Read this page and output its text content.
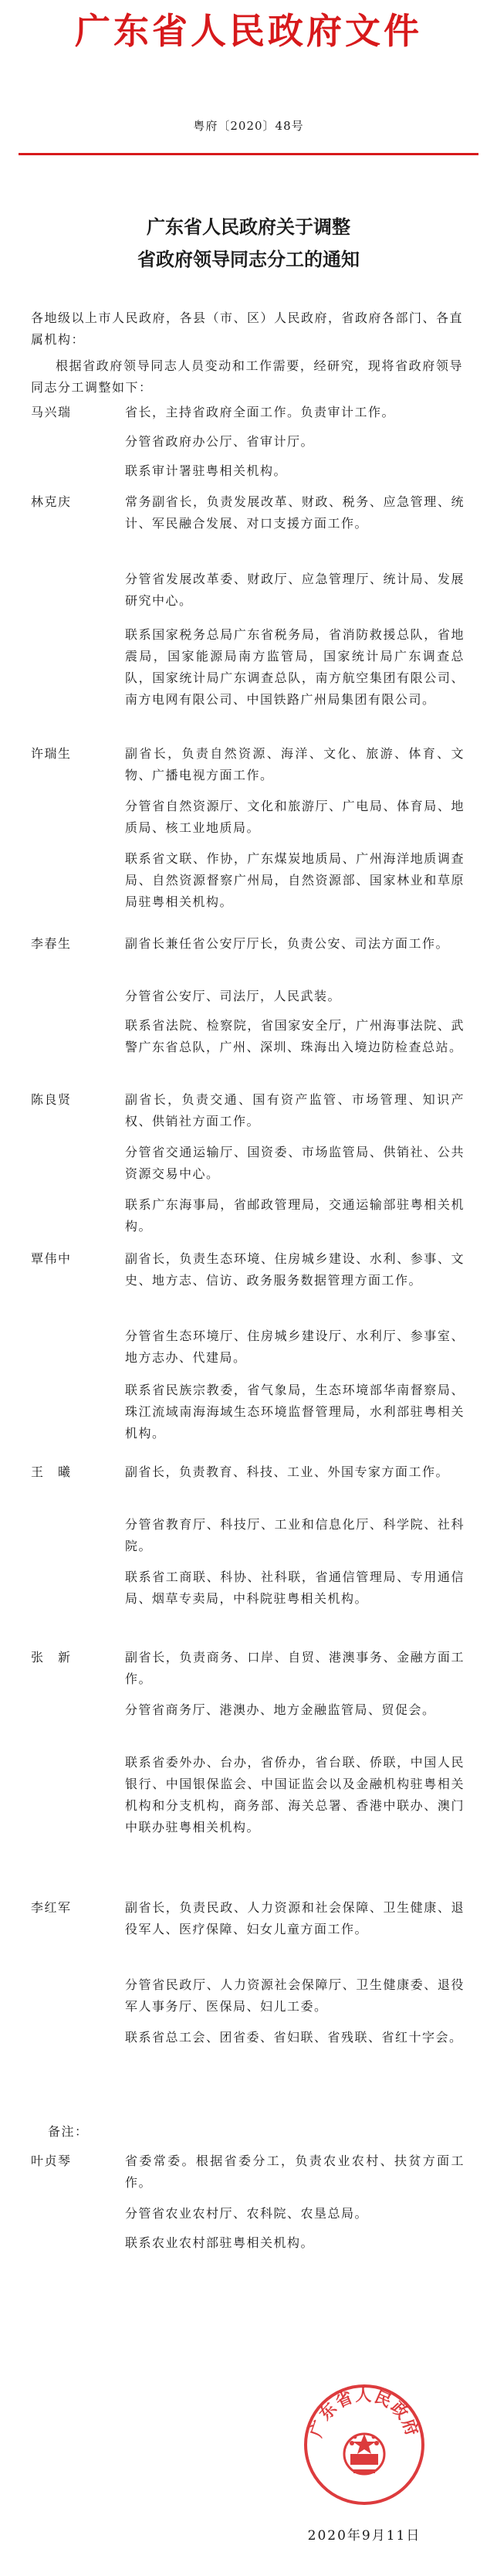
广东省人民政府文件
粤府〔2020〕48号
广东省人民政府关于调整
省政府领导同志分工的通知
各地级以上市人民政府，各县（市、区）人民政府，省政府各部门、各直属机构：
根据省政府领导同志人员变动和工作需要，经研究，现将省政府领导同志分工调整如下：
马兴瑞	省长，主持省政府全面工作。负责审计工作。

分管省政府办公厅、省审计厅。

联系审计署驻粤相关机构。

林克庆	常务副省长，负责发展改革、财政、税务、应急管理、统计、军民融合发展、对口支援方面工作。

分管省发展改革委、财政厅、应急管理厅、统计局、发展研究中心。

联系国家税务总局广东省税务局，省消防救援总队，省地震局，国家能源局南方监管局，国家统计局广东调查总队，国家统计局广东调查总队，南方航空集团有限公司、南方电网有限公司、中国铁路广州局集团有限公司。

许瑞生	副省长，负责自然资源、海洋、文化、旅游、体育、文物、广播电视方面工作。

分管省自然资源厅、文化和旅游厅、广电局、体育局、地质局、核工业地质局。

联系省文联、作协，广东煤炭地质局、广州海洋地质调查局、自然资源督察广州局，自然资源部、国家林业和草原局驻粤相关机构。

李春生	副省长兼任省公安厅厅长，负责公安、司法方面工作。

分管省公安厅、司法厅，人民武装。

联系省法院、检察院，省国家安全厅，广州海事法院、武警广东省总队，广州、深圳、珠海出入境边防检查总站。

陈良贤	副省长，负责交通、国有资产监管、市场管理、知识产权、供销社方面工作。

分管省交通运输厅、国资委、市场监管局、供销社、公共资源交易中心。

联系广东海事局，省邮政管理局，交通运输部驻粤相关机构。

覃伟中	副省长，负责生态环境、住房城乡建设、水利、参事、文史、地方志、信访、政务服务数据管理方面工作。

分管省生态环境厅、住房城乡建设厅、水利厅、参事室、地方志办、代建局。

联系省民族宗教委，省气象局，生态环境部华南督察局、珠江流域南海海域生态环境监督管理局，水利部驻粤相关机构。

王　曦	副省长，负责教育、科技、工业、外国专家方面工作。

分管省教育厅、科技厅、工业和信息化厅、科学院、社科院。

联系省工商联、科协、社科联，省通信管理局、专用通信局、烟草专卖局，中科院驻粤相关机构。

张　新	副省长，负责商务、口岸、自贸、港澳事务、金融方面工作。

分管省商务厅、港澳办、地方金融监管局、贸促会。

联系省委外办、台办，省侨办，省台联、侨联，中国人民银行、中国银保监会、中国证监会以及金融机构驻粤相关机构和分支机构，商务部、海关总署、香港中联办、澳门中联办驻粤相关机构。

李红军	副省长，负责民政、人力资源和社会保障、卫生健康、退役军人、医疗保障、妇女儿童方面工作。

分管省民政厅、人力资源社会保障厅、卫生健康委、退役军人事务厅、医保局、妇儿工委。

联系省总工会、团省委、省妇联、省残联、省红十字会。

备注：
叶贞琴	省委常委。根据省委分工，负责农业农村、扶贫方面工作。

分管省农业农村厅、农科院、农垦总局。

联系农业农村部驻粤相关机构。

广东省人民政府
2020年9月11日
